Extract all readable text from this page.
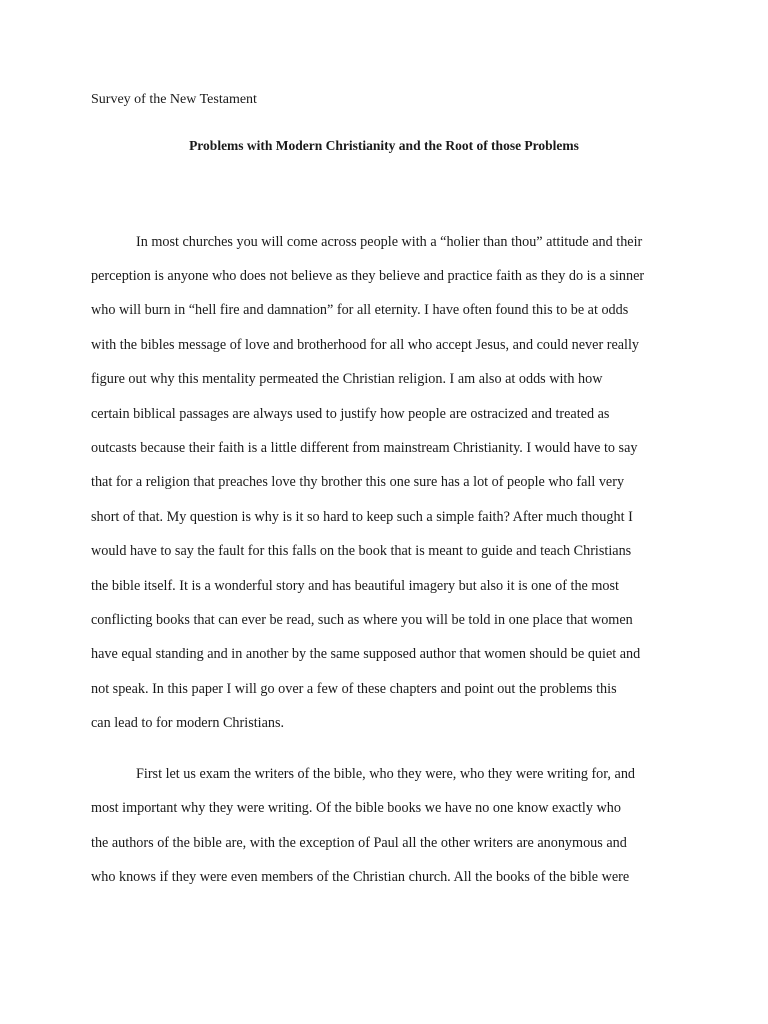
Survey of the New Testament

Problems with Modern Christianity and the Root of those Problems

In most churches you will come across people with a “holier than thou” attitude and their

perception is anyone who does not believe as they believe and practice faith as they do is a sinner

who will burn in “hell fire and damnation” for all eternity. I have often found this to be at odds

with the bibles message of love and brotherhood for all who accept Jesus, and could never really

figure out why this mentality permeated the Christian religion. I am also at odds with how

certain biblical passages are always used to justify how people are ostracized and treated as

outcasts because their faith is a little different from mainstream Christianity. I would have to say

that for a religion that preaches love thy brother this one sure has a lot of people who fall very

short of that. My question is why is it so hard to keep such a simple faith? After much thought I

would have to say the fault for this falls on the book that is meant to guide and teach Christians

the bible itself. It is a wonderful story and has beautiful imagery but also it is one of the most

conflicting books that can ever be read, such as where you will be told in one place that women

have equal standing and in another by the same supposed author that women should be quiet and

not speak. In this paper I will go over a few of these chapters and point out the problems this

can lead to for modern Christians.

First let us exam the writers of the bible, who they were, who they were writing for, and

most important why they were writing. Of the bible books we have no one know exactly who

the authors of the bible are, with the exception of Paul all the other writers are anonymous and

who knows if they were even members of the Christian church. All the books of the bible were
